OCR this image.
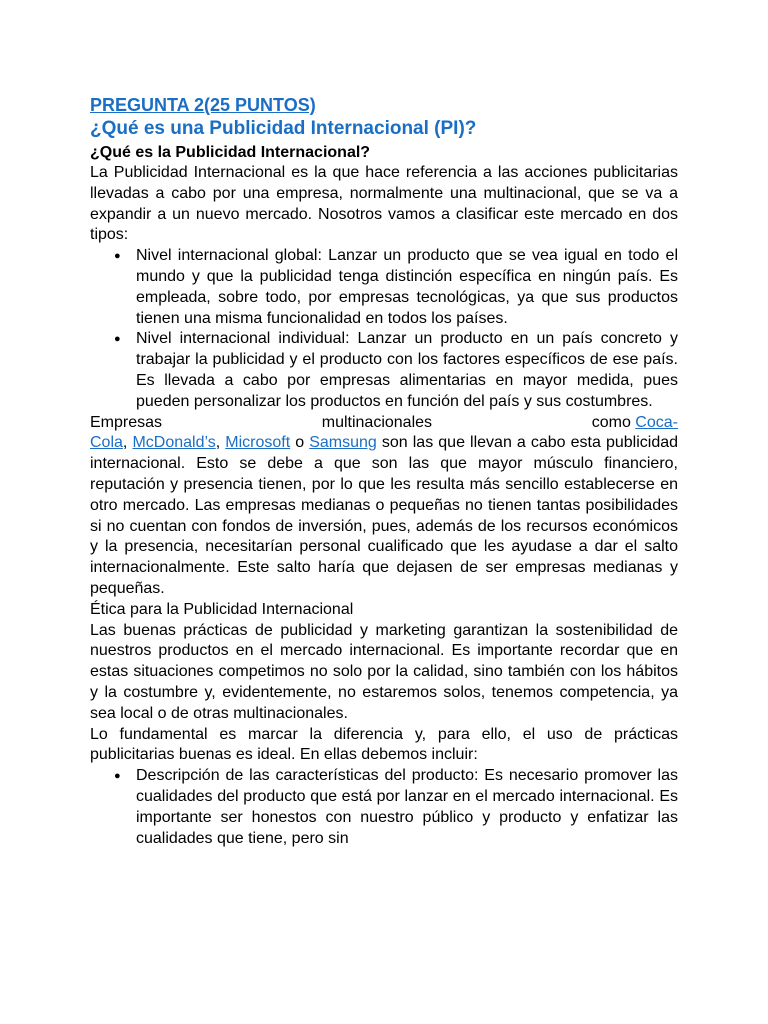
PREGUNTA 2(25 PUNTOS)
¿Qué es una Publicidad Internacional (PI)?
¿Qué es la Publicidad Internacional?

La Publicidad Internacional es la que hace referencia a las acciones publicitarias llevadas a cabo por una empresa, normalmente una multinacional, que se va a expandir a un nuevo mercado. Nosotros vamos a clasificar este mercado en dos tipos:

● Nivel internacional global: Lanzar un producto que se vea igual en todo el mundo y que la publicidad tenga distinción específica en ningún país. Es empleada, sobre todo, por empresas tecnológicas, ya que sus productos tienen una misma funcionalidad en todos los países.
● Nivel internacional individual: Lanzar un producto en un país concreto y trabajar la publicidad y el producto con los factores específicos de ese país. Es llevada a cabo por empresas alimentarias en mayor medida, pues pueden personalizar los productos en función del país y sus costumbres.
Empresas	multinacionales	como Coca-

Cola, McDonald’s, Microsoft o Samsung son las que llevan a cabo esta publicidad internacional. Esto se debe a que son las que mayor músculo financiero, reputación y presencia tienen, por lo que les resulta más sencillo establecerse en otro mercado. Las empresas medianas o pequeñas no tienen tantas posibilidades si no cuentan con fondos de inversión, pues, además de los recursos económicos y la presencia, necesitarían personal cualificado que les ayudase a dar el salto internacionalmente. Este salto haría que dejasen de ser empresas medianas y pequeñas.

Ética para la Publicidad Internacional

Las buenas prácticas de publicidad y marketing garantizan la sostenibilidad de nuestros productos en el mercado internacional. Es importante recordar que en estas situaciones competimos no solo por la calidad, sino también con los hábitos y la costumbre y, evidentemente, no estaremos solos, tenemos competencia, ya sea local o de otras multinacionales.

Lo fundamental es marcar la diferencia y, para ello, el uso de prácticas publicitarias buenas es ideal. En ellas debemos incluir:

● Descripción de las características del producto: Es necesario promover las cualidades del producto que está por lanzar en el mercado internacional. Es importante ser honestos con nuestro público y producto y enfatizar las cualidades que tiene, pero sin
